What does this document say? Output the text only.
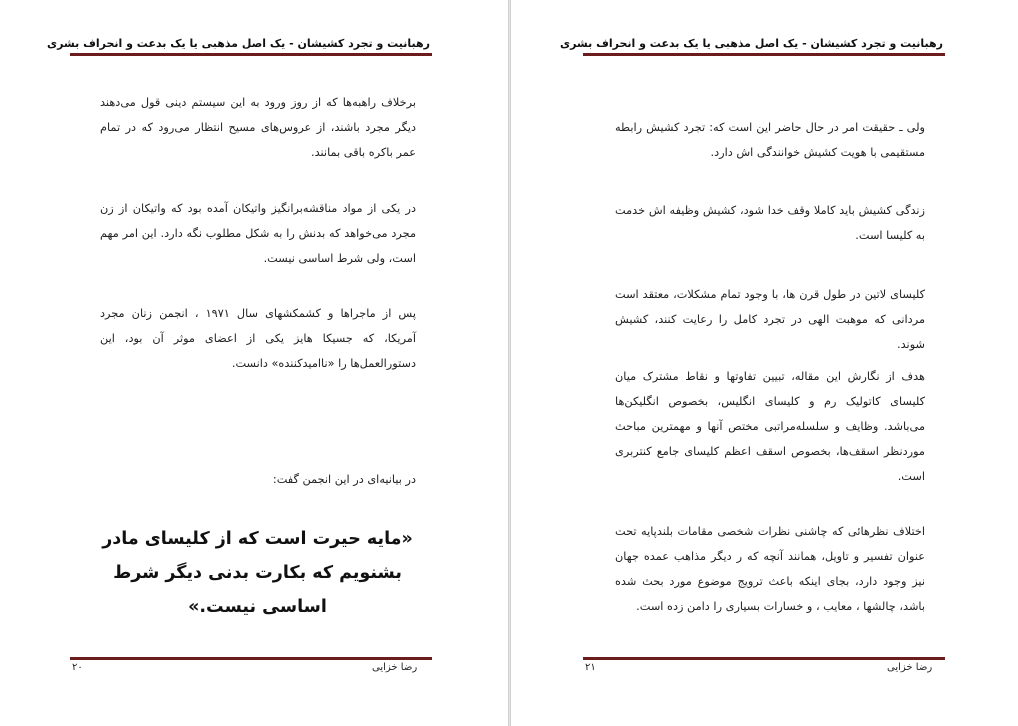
رهبانیت و تجرد کشیشان - یک اصل مذهبی یا یک بدعت و انحراف بشری

برخلاف راهبه‌ها که از روز ورود به این سیستم دینی قول می‌دهند دیگر مجرد باشند، از عروس‌های مسیح انتظار می‌رود که در تمام عمر باکره باقی بمانند.

در یکی از مواد مناقشه‌برانگیز واتیکان آمده بود که واتیکان از زن مجرد می‌خواهد که بدنش را به شکل مطلوب نگه دارد. این امر مهم است، ولی شرط اساسی نیست.

پس از ماجراها و کشمکشهای سال ۱۹۷۱ ، انجمن زنان مجرد آمریکا، که جسیکا هایز یکی از اعضای موثر آن بود، این دستورالعمل‌ها را «ناامیدکننده» دانست.

در بیانیه‌ای در این انجمن گفت:

«مایه حیرت است که از کلیسای مادر بشنویم که بکارت بدنی دیگر شرط اساسی نیست.»
۲۰	رضا خزایی
رهبانیت و تجرد کشیشان - یک اصل مذهبی یا یک بدعت و انحراف بشری

ولی ـ حقیقت امر در حال حاضر این است که: تجرد کشیش رابطه مستقیمی با هویت کشیش خوانندگی اش دارد.

زندگی کشیش باید کاملا وقف خدا شود، کشیش وظیفه اش خدمت به کلیسا است.

کلیسای لاتین در طول قرن ها، با وجود تمام مشکلات، معتقد است مردانی که موهبت الهی در تجرد کامل را رعایت کنند، کشیش شوند.

هدف از نگارش این مقاله، تبیین تفاوتها و نقاط مشترک میان کلیسای کاتولیک رم و کلیسای انگلیس، بخصوص انگلیکن‌ها می‌باشد. وظایف و سلسله‌مراتبی مختص آنها و مهمترین مباحث موردنظر اسقف‌ها، بخصوص اسقف اعظم کلیسای جامع کنتربری است.

اختلاف نظرهائی که چاشنی نظرات شخصی مقامات بلندپایه تحت عنوان تفسیر و تاویل، همانند آنچه که ر دیگر مذاهب عمده جهان نیز وجود دارد، بجای اینکه باعث ترویج موضوع مورد بحث شده باشد، چالشها ، معایب ، و خسارات بسیاری را دامن زده است.

۲۱	رضا خزایی
